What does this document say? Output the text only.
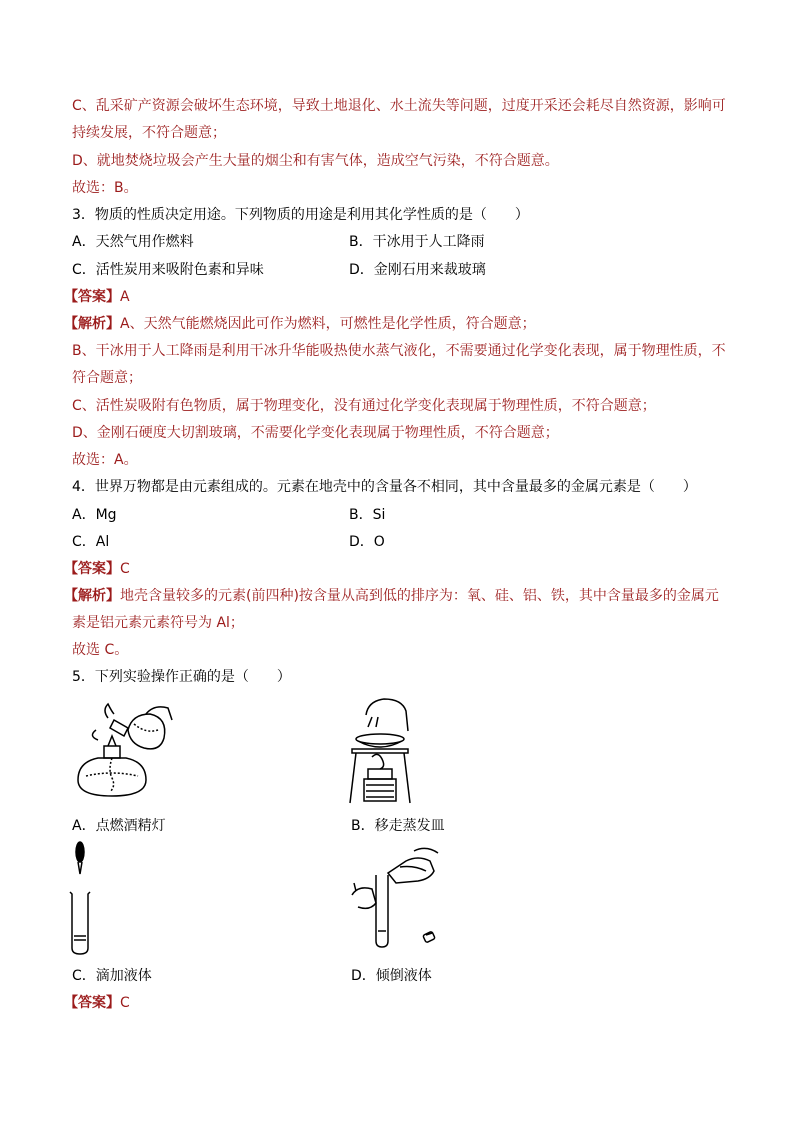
C、乱采矿产资源会破坏生态环境，导致土地退化、水土流失等问题，过度开采还会耗尽自然资源，影响可
持续发展，不符合题意；
D、就地焚烧垃圾会产生大量的烟尘和有害气体，造成空气污染，不符合题意。
故选：B。
3．物质的性质决定用途。下列物质的用途是利用其化学性质的是（　　）
A．天然气用作燃料	B．干冰用于人工降雨
C．活性炭用来吸附色素和异味	D．金刚石用来裁玻璃
【答案】A
【解析】A、天然气能燃烧因此可作为燃料，可燃性是化学性质，符合题意；
B、干冰用于人工降雨是利用干冰升华能吸热使水蒸气液化，不需要通过化学变化表现，属于物理性质，不
符合题意；
C、活性炭吸附有色物质，属于物理变化，没有通过化学变化表现属于物理性质，不符合题意；
D、金刚石硬度大切割玻璃，不需要化学变化表现属于物理性质，不符合题意；
故选：A。
4．世界万物都是由元素组成的。元素在地壳中的含量各不相同，其中含量最多的金属元素是（　　）
A．Mg	B．Si
C．Al	D．O
【答案】C
【解析】地壳含量较多的元素(前四种)按含量从高到低的排序为：氧、硅、铝、铁，其中含量最多的金属元
素是铝元素元素符号为 Al；
故选 C。
5．下列实验操作正确的是（　　）
A．点燃酒精灯	B．移走蒸发皿
C．滴加液体	D．倾倒液体
【答案】C
